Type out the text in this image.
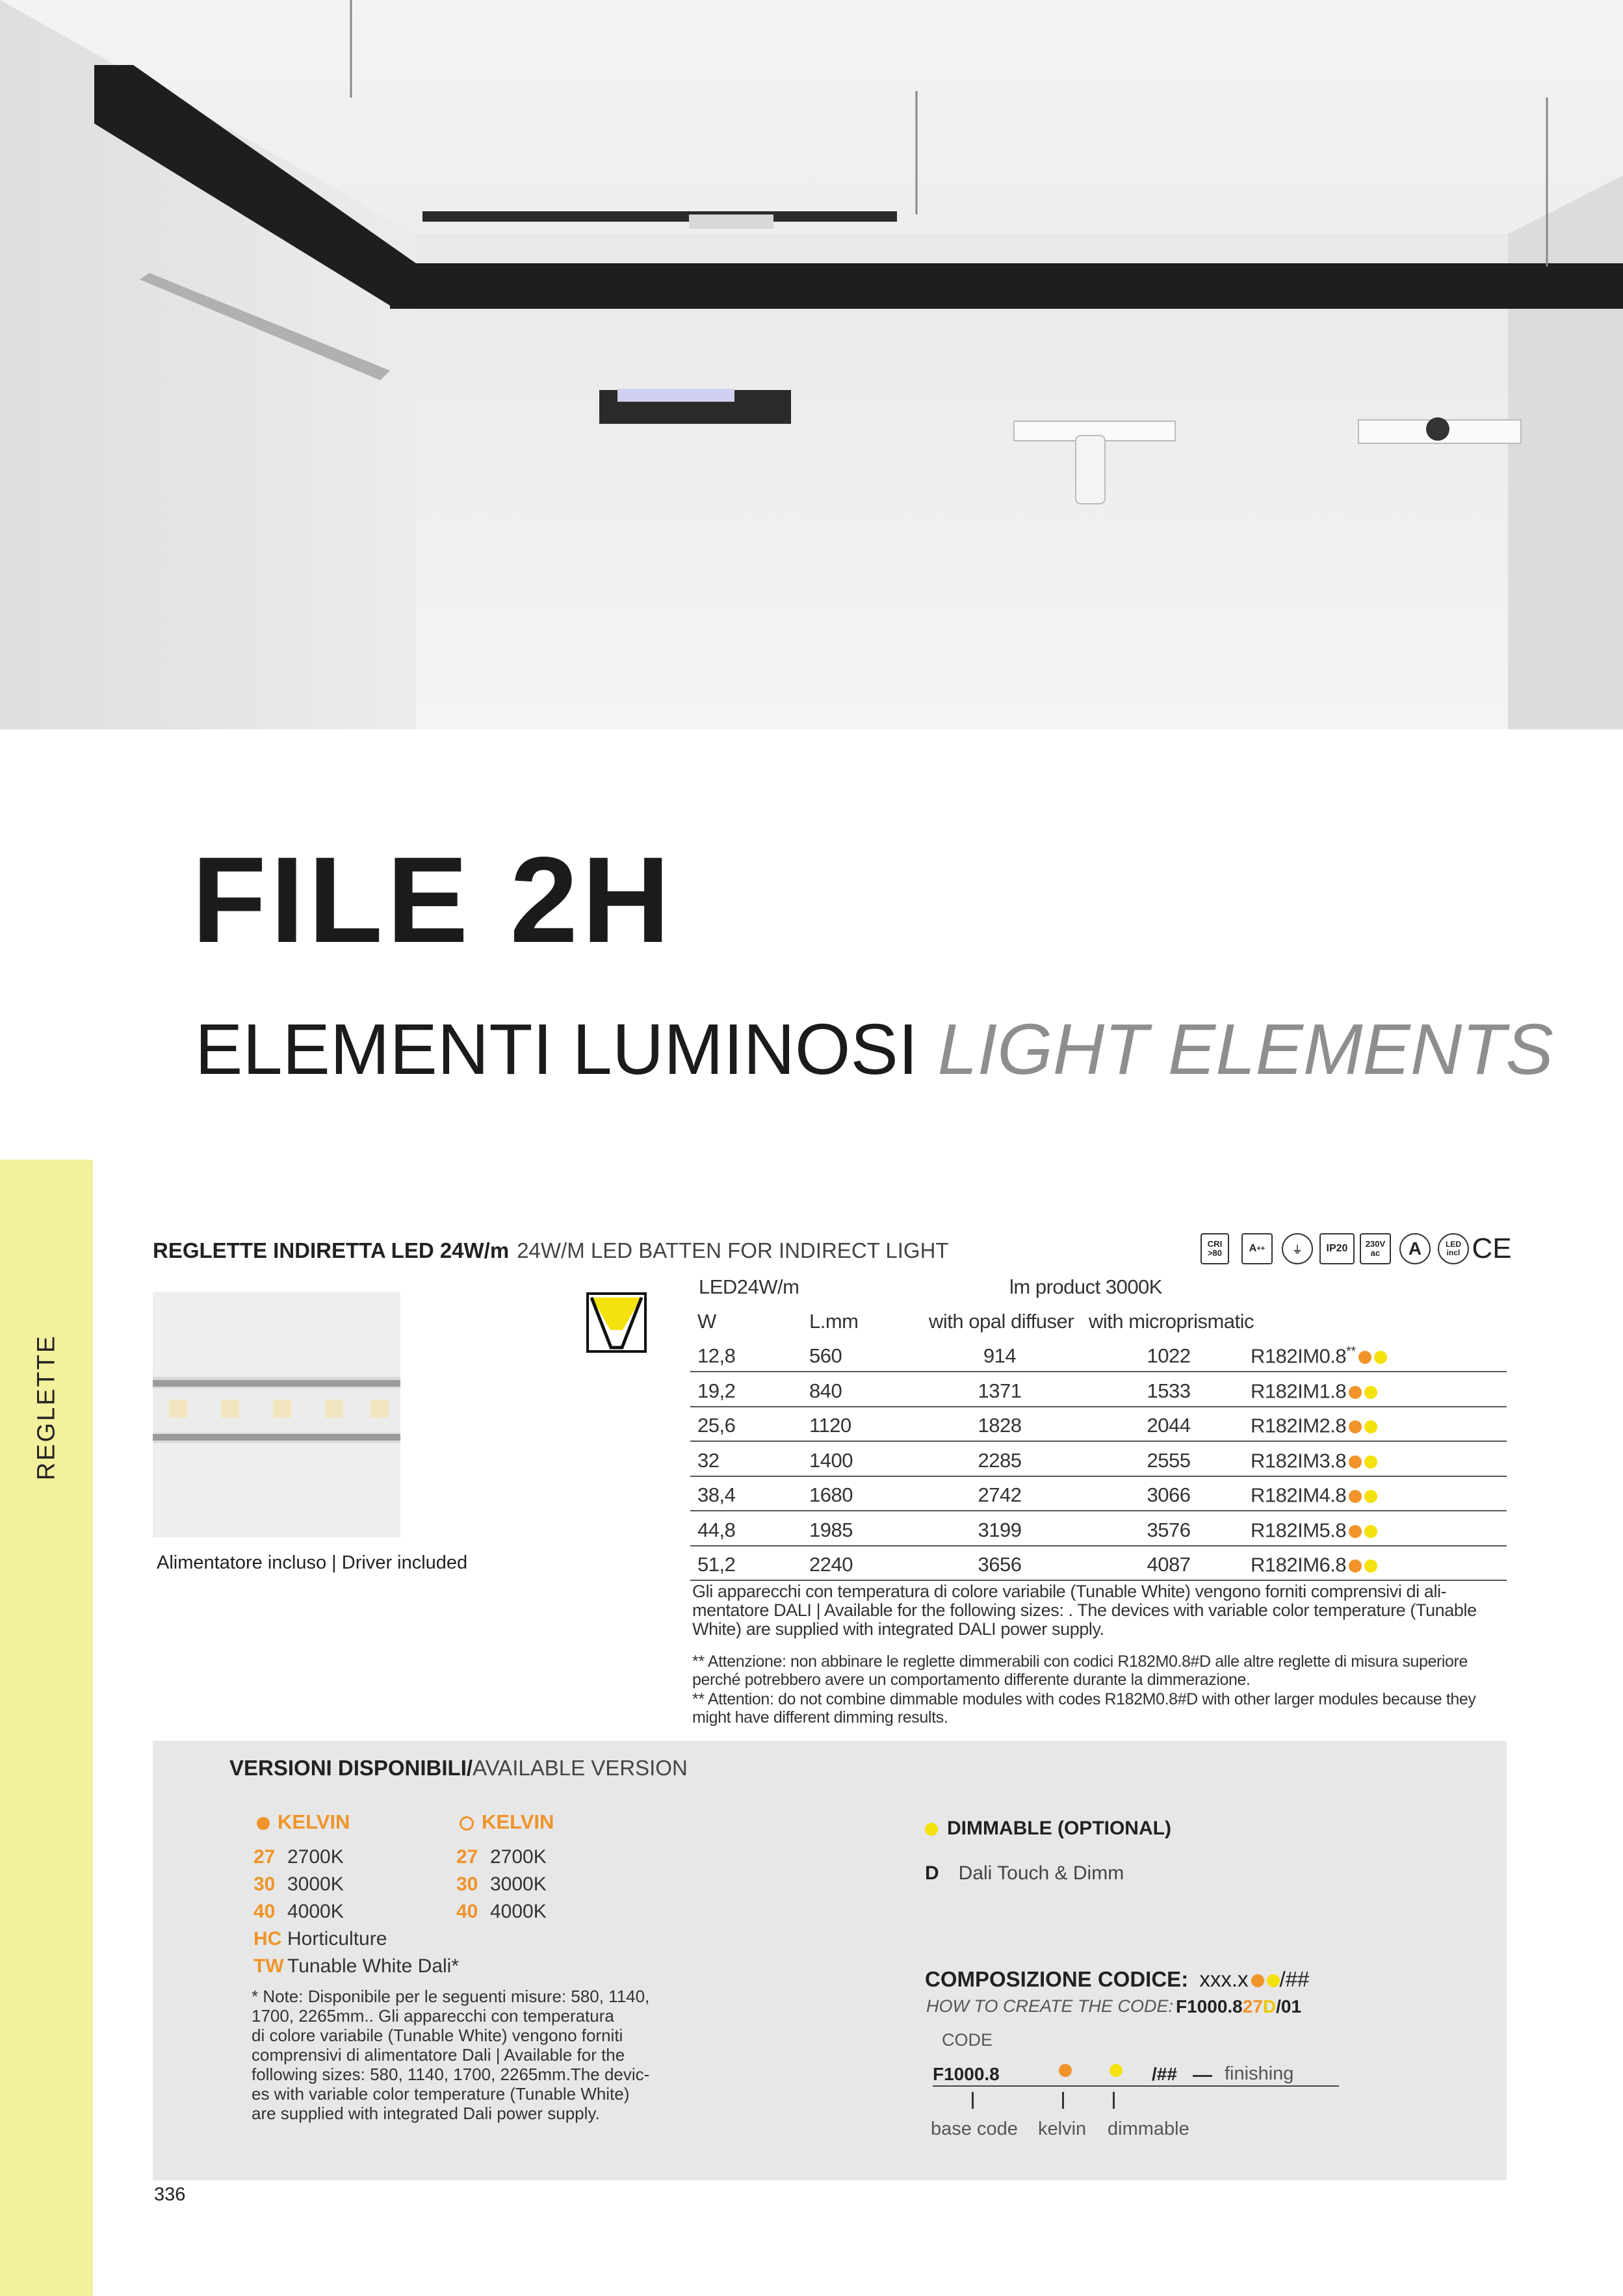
REGLETTE
FILE 2H
ELEMENTI LUMINOSI LIGHT ELEMENTS
REGLETTE INDIRETTA LED 24W/m 24W/M LED BATTEN FOR INDIRECT LIGHT	CRI
>80	A ++	⏚	IP20	230V
ac	A	LED
incl CE
Alimentatore incluso | Driver included
LED24W/m	lm product 3000K
W	L.mm	with opal diffuser with microprismatic
12,8	560	914	1022	R182IM0.8**
19,2	840	1371	1533	R182IM1.8
25,6	1120	1828	2044	R182IM2.8
32	1400	2285	2555	R182IM3.8
38,4	1680	2742	3066	R182IM4.8
44,8	1985	3199	3576	R182IM5.8
51,2	2240	3656	4087	R182IM6.8
Gli apparecchi con temperatura di colore variabile (Tunable White) vengono forniti comprensivi di ali-mentatore DALI | Available for the following sizes: . The devices with variable color temperature (Tunable White) are supplied with integrated DALI power supply.
** Attenzione: non abbinare le reglette dimmerabili con codici R182M0.8#D alle altre reglette di misura superiore perché potrebbero avere un comportamento differente durante la dimmerazione.
** Attention: do not combine dimmable modules with codes R182M0.8#D with other larger modules because they might have different dimming results.
VERSIONI DISPONIBILI/AVAILABLE VERSION
KELVIN
27 2700K
30 3000K
40 4000K
HC Horticulture
TW Tunable White Dali*
KELVIN
27 2700K
30 3000K
40 4000K
* Note: Disponibile per le seguenti misure: 580, 1140,
1700, 2265mm.. Gli apparecchi con temperatura
di colore variabile (Tunable White) vengono forniti
comprensivi di alimentatore Dali | Available for the
following sizes: 580, 1140, 1700, 2265mm.The devic-
es with variable color temperature (Tunable White)
are supplied with integrated Dali power supply.
DIMMABLE (OPTIONAL)
D Dali Touch & Dimm
COMPOSIZIONE CODICE: xxx.x /##
HOW TO CREATE THE CODE: F1000.827D/01
CODE
F1000.8	/##	finishing
base code kelvin dimmable
336
